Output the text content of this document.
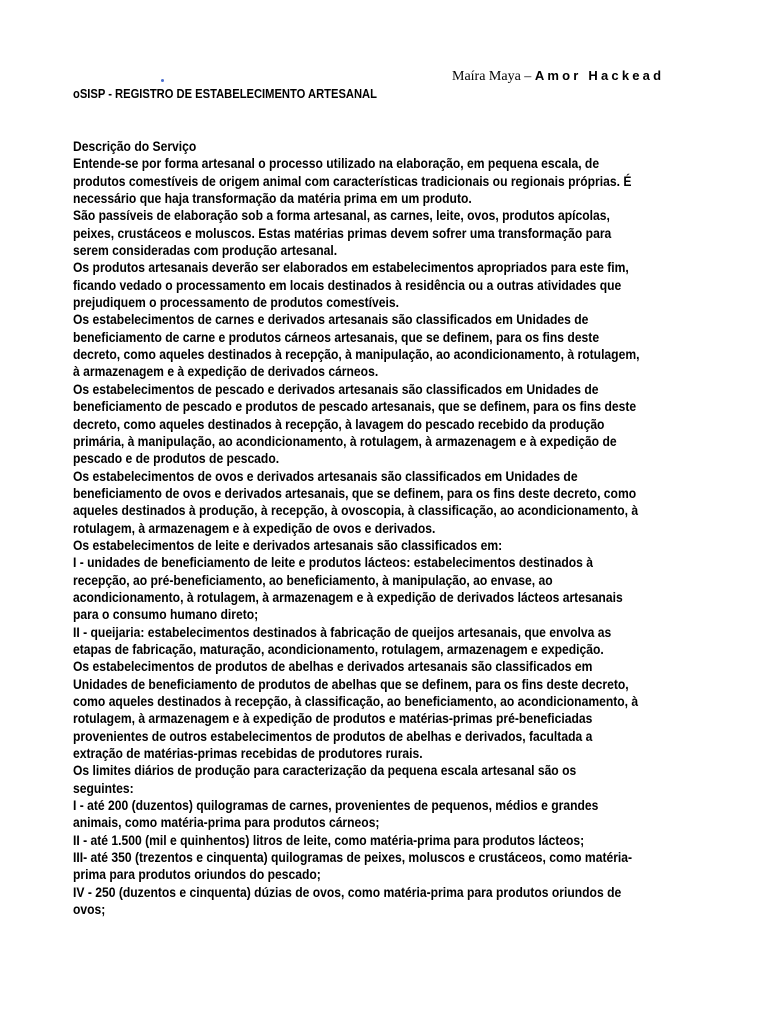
Maíra Maya – Amor Hackead
oSISP - REGISTRO DE ESTABELECIMENTO ARTESANAL
Descrição do Serviço
Entende-se por forma artesanal o processo utilizado na elaboração, em pequena escala, de
produtos comestíveis de origem animal com características tradicionais ou regionais próprias. É
necessário que haja transformação da matéria prima em um produto.
São passíveis de elaboração sob a forma artesanal, as carnes, leite, ovos, produtos apícolas,
peixes, crustáceos e moluscos. Estas matérias primas devem sofrer uma transformação para
serem consideradas com produção artesanal.
Os produtos artesanais deverão ser elaborados em estabelecimentos apropriados para este fim,
ficando vedado o processamento em locais destinados à residência ou a outras atividades que
prejudiquem o processamento de produtos comestíveis.
Os estabelecimentos de carnes e derivados artesanais são classificados em Unidades de
beneficiamento de carne e produtos cárneos artesanais, que se definem, para os fins deste
decreto, como aqueles destinados à recepção, à manipulação, ao acondicionamento, à rotulagem,
à armazenagem e à expedição de derivados cárneos.
Os estabelecimentos de pescado e derivados artesanais são classificados em Unidades de
beneficiamento de pescado e produtos de pescado artesanais, que se definem, para os fins deste
decreto, como aqueles destinados à recepção, à lavagem do pescado recebido da produção
primária, à manipulação, ao acondicionamento, à rotulagem, à armazenagem e à expedição de
pescado e de produtos de pescado.
Os estabelecimentos de ovos e derivados artesanais são classificados em Unidades de
beneficiamento de ovos e derivados artesanais, que se definem, para os fins deste decreto, como
aqueles destinados à produção, à recepção, à ovoscopia, à classificação, ao acondicionamento, à
rotulagem, à armazenagem e à expedição de ovos e derivados.
Os estabelecimentos de leite e derivados artesanais são classificados em:
I - unidades de beneficiamento de leite e produtos lácteos: estabelecimentos destinados à
recepção, ao pré-beneficiamento, ao beneficiamento, à manipulação, ao envase, ao
acondicionamento, à rotulagem, à armazenagem e à expedição de derivados lácteos artesanais
para o consumo humano direto;
II - queijaria: estabelecimentos destinados à fabricação de queijos artesanais, que envolva as
etapas de fabricação, maturação, acondicionamento, rotulagem, armazenagem e expedição.
Os estabelecimentos de produtos de abelhas e derivados artesanais são classificados em
Unidades de beneficiamento de produtos de abelhas que se definem, para os fins deste decreto,
como aqueles destinados à recepção, à classificação, ao beneficiamento, ao acondicionamento, à
rotulagem, à armazenagem e à expedição de produtos e matérias-primas pré-beneficiadas
provenientes de outros estabelecimentos de produtos de abelhas e derivados, facultada a
extração de matérias-primas recebidas de produtores rurais.
Os limites diários de produção para caracterização da pequena escala artesanal são os
seguintes:
I - até 200 (duzentos) quilogramas de carnes, provenientes de pequenos, médios e grandes
animais, como matéria-prima para produtos cárneos;
II - até 1.500 (mil e quinhentos) litros de leite, como matéria-prima para produtos lácteos;
III- até 350 (trezentos e cinquenta) quilogramas de peixes, moluscos e crustáceos, como matéria-
prima para produtos oriundos do pescado;
IV - 250 (duzentos e cinquenta) dúzias de ovos, como matéria-prima para produtos oriundos de
ovos;
